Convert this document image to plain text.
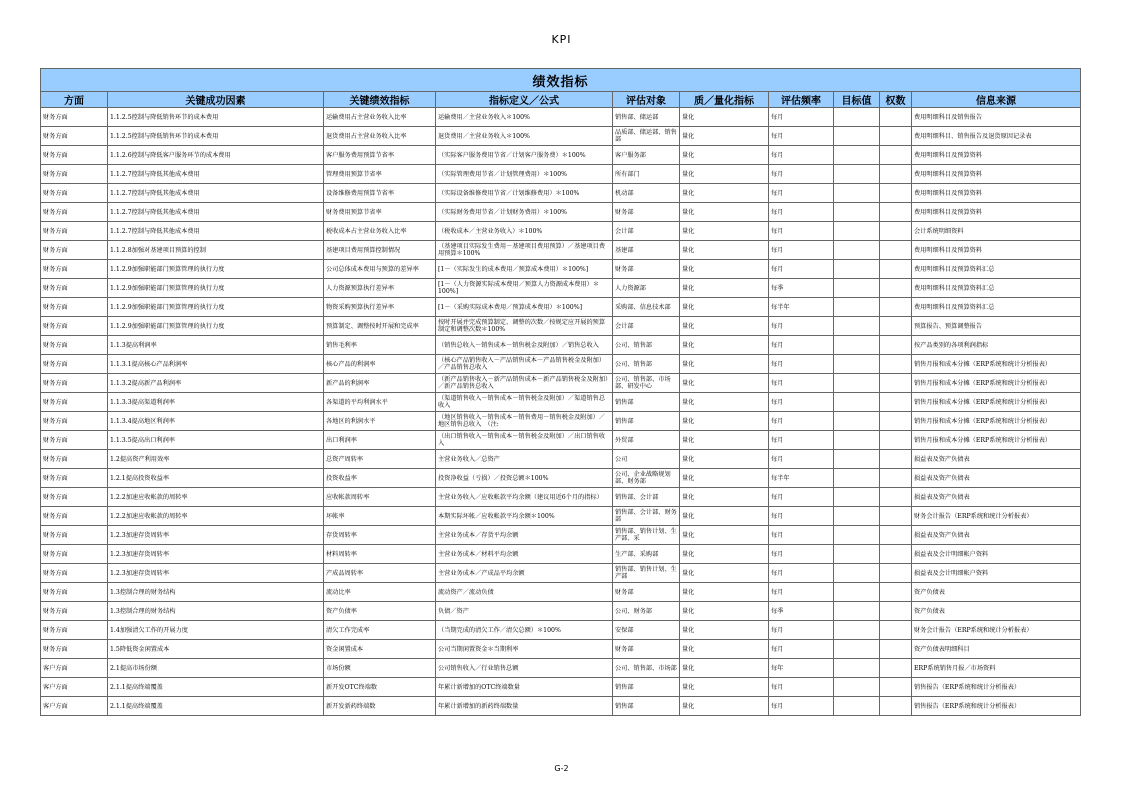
KPI
绩效指标									
方面	关键成功因素	关键绩效指标	指标定义／公式	评估对象	质／量化指标	评估频率	目标值	权数	信息来源
财务方面	1.1.2.5控制与降低销售环节的成本费用	运输费用占主营业务收入比率	运输费用／主营业务收入＊100%	销售部、储运部	量化	每月			费用明细科目及销售报告
财务方面	1.1.2.5控制与降低销售环节的成本费用	退货费用占主营业务收入比率	退货费用／主营业务收入＊100%	品质部、储运部、销售部	量化	每月			费用明细科目、销售报告及退货原因记录表
财务方面	1.1.2.6控制与降低客户服务环节的成本费用	客户服务费用预算节省率	（实际客户服务费用节省／计划客户服务费）＊100%	客户服务部	量化	每月			费用明细科目及预算资料
财务方面	1.1.2.7控制与降低其他成本费用	管理费用预算节省率	（实际管理费用节省／计划管理费用）＊100%	所有部门	量化	每月			费用明细科目及预算资料
财务方面	1.1.2.7控制与降低其他成本费用	设备维修费用预算节省率	（实际设备维修费用节省／计划维修费用）＊100%	机动部	量化	每月			费用明细科目及预算资料
财务方面	1.1.2.7控制与降低其他成本费用	财务费用预算节省率	（实际财务费用节省／计划财务费用）＊100%	财务部	量化	每月			费用明细科目及预算资料
财务方面	1.1.2.7控制与降低其他成本费用	税收成本占主营业务收入比率	（税收成本／主营业务收入）＊100%	会计部	量化	每月			会计系统明细资料
财务方面	1.1.2.8加强对基建项目预算的控制	基建项目费用预算控制情况	（基建项目实际发生费用－基建项目费用预算）／基建项目费用预算＊100%	基建部	量化	每月			费用明细科目及预算资料
财务方面	1.1.2.9加强职能部门预算管理的执行力度	公司总体成本费用与预算的差异率	[1－（实际发生的成本费用／预算成本费用）＊100%]	财务部	量化	每月			费用明细科目及预算资料汇总
财务方面	1.1.2.9加强职能部门预算管理的执行力度	人力资源预算执行差异率	[1－（人力资源实际成本费用／预算人力资源成本费用）＊100%]	人力资源部	量化	每季			费用明细科目及预算资料汇总
财务方面	1.1.2.9加强职能部门预算管理的执行力度	物资采购预算执行差异率	[1－（采购实际成本费用／预算成本费用）＊100%]	采购部、信息技术部	量化	每半年			费用明细科目及预算资料汇总
财务方面	1.1.2.9加强职能部门预算管理的执行力度	预算制定、调整按时开展和完成率	按时开展并完成预算制定、调整的次数／按规定应开展的预算制定和调整次数＊100%	会计部	量化	每月			预算报告、预算调整报告
财务方面	1.1.3提高利润率	销售毛利率	（销售总收入－销售成本－销售税金及附加）／销售总收入	公司、销售部	量化	每月			按产品类别的各项利润指标
财务方面	1.1.3.1提高核心产品利润率	核心产品的利润率	（核心产品销售收入－产品销售成本－产品销售税金及附加）／产品销售总收入	公司、销售部	量化	每月			销售月报和成本分摊（ERP系统和统计分析报表）
财务方面	1.1.3.2提高新产品利润率	新产品的利润率	（新产品销售收入－新产品销售成本－新产品销售税金及附加）／新产品销售总收入	公司、销售部、市场部、研发中心	量化	每月			销售月报和成本分摊（ERP系统和统计分析报表）
财务方面	1.1.3.3提高渠道利润率	各渠道的平均利润水平	（渠道销售收入－销售成本－销售税金及附加）／渠道销售总收入	销售部	量化	每月			销售月报和成本分摊（ERP系统和统计分析报表）
财务方面	1.1.3.4提高地区利润率	各地区的利润水平	（地区销售收入－销售成本－销售费用－销售税金及附加）／地区销售总收入　（注:	销售部	量化	每月			销售月报和成本分摊（ERP系统和统计分析报表）
财务方面	1.1.3.5提高出口利润率	出口利润率	（出口销售收入－销售成本－销售税金及附加）／出口销售收入	外贸部	量化	每月			销售月报和成本分摊（ERP系统和统计分析报表）
财务方面	1.2提高资产利用效率	总资产周转率	主营业务收入／总资产	公司	量化	每月			损益表及资产负债表
财务方面	1.2.1提高投资收益率	投资收益率	投资净收益（亏损）／投资总额＊100%	公司、企业战略规划部、财务部	量化	每半年			损益表及资产负债表
财务方面	1.2.2加速应收帐款的周转率	应收帐款周转率	主营业务收入／应收帐款平均余额（建议用近6个月的指标）	销售部、会计部	量化	每月			损益表及资产负债表
财务方面	1.2.2加速应收帐款的周转率	坏帐率	本期实际坏帐／应收帐款平均余额＊100%	销售部、会计部、财务部	量化	每月			财务会计报告（ERP系统和统计分析报表）
财务方面	1.2.3加速存货周转率	存货周转率	主营业务成本／存货平均余额	销售部、销售计划、生产部、采	量化	每月			损益表及资产负债表
财务方面	1.2.3加速存货周转率	材料周转率	主营业务成本／材料平均余额	生产部、采购部	量化	每月			损益表及会计明细帐户资料
财务方面	1.2.3加速存货周转率	产成品周转率	主营业务成本／产成品平均余额	销售部、销售计划、生产部	量化	每月			损益表及会计明细帐户资料
财务方面	1.3控制合理的财务结构	流动比率	流动资产／流动负债	财务部	量化	每月			资产负债表
财务方面	1.3控制合理的财务结构	资产负债率	负债／资产	公司、财务部	量化	每季			资产负债表
财务方面	1.4加强清欠工作的开展力度	清欠工作完成率	（当期完成的清欠工作／清欠总额）＊100%	安保部	量化	每月			财务会计报告（ERP系统和统计分析报表）
财务方面	1.5降低资金闲置成本	资金闲置成本	公司当期闲置资金＊当期利率	财务部	量化	每月			资产负债表明细科目
客户方面	2.1提高市场份额	市场份额	公司销售收入／行业销售总额	公司、销售部、市场部	量化	每年			ERP系统销售月报／市场资料
客户方面	2.1.1提高终端覆盖	新开发OTC终端数	年累计新增加的OTC终端数量	销售部	量化	每月			销售报告（ERP系统和统计分析报表）
客户方面	2.1.1提高终端覆盖	新开发新药终端数	年累计新增加的新药终端数量	销售部	量化	每月			销售报告（ERP系统和统计分析报表）
G-2
